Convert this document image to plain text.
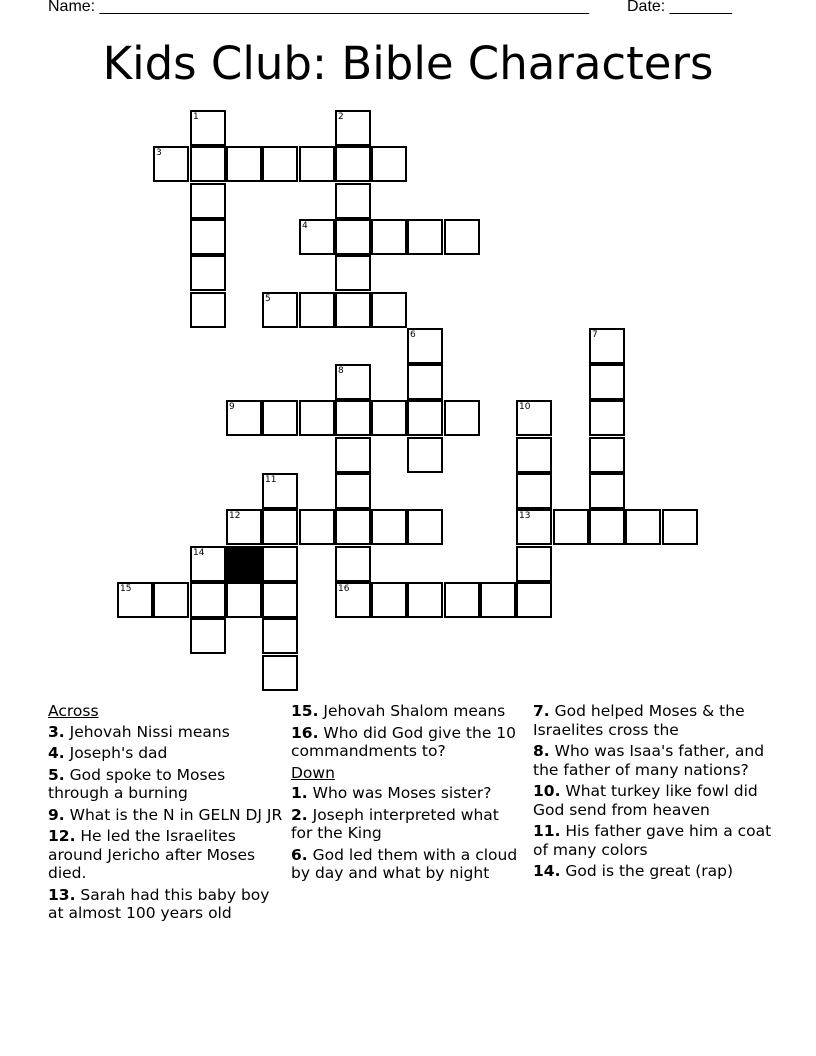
Name: _______________________________________________________ Date: _______
Kids Club: Bible Characters
1	2
3
4
5
6	7
8
9	10
11
12	13
14
15	16
Across
3. Jehovah Nissi means
4. Joseph's dad
5. God spoke to Moses through a burning
9. What is the N in GELN DJ JR
12. He led the Israelites around Jericho after Moses died.
13. Sarah had this baby boy at almost 100 years old
15. Jehovah Shalom means
16. Who did God give the 10 commandments to?
Down
1. Who was Moses sister?
2. Joseph interpreted what for the King
6. God led them with a cloud by day and what by night
7. God helped Moses & the Israelites cross the
8. Who was Isaa's father, and the father of many nations?
10. What turkey like fowl did God send from heaven
11. His father gave him a coat of many colors
14. God is the great (rap)
